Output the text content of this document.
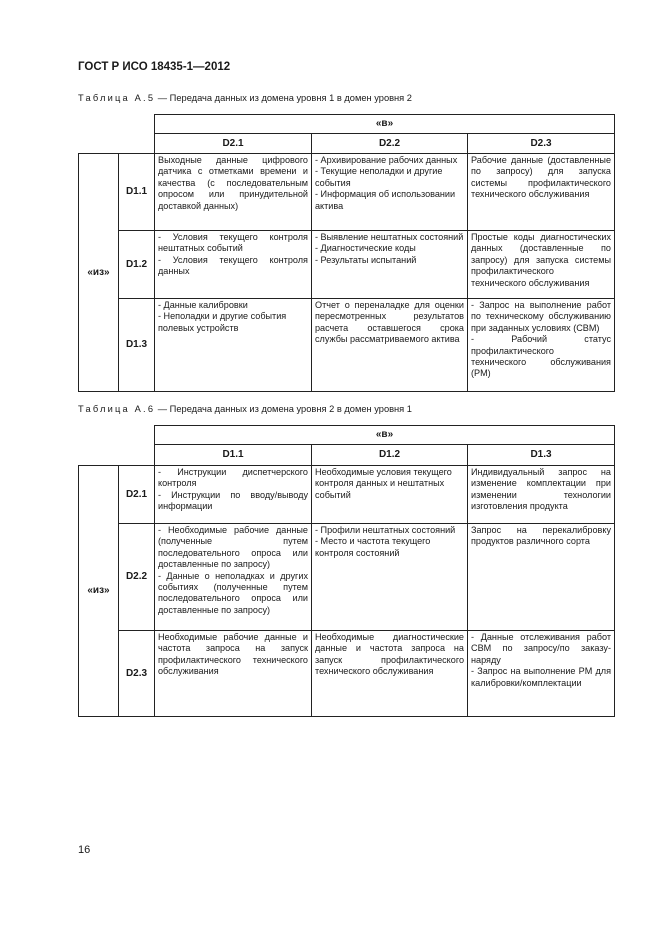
ГОСТ Р ИСО 18435-1—2012
Таблица А.5 — Передача данных из домена уровня 1 в домен уровня 2
		«в»		
		D2.1	D2.2	D2.3
«из»	D1.1	Выходные данные цифрового датчика с отметками времени и качества (с последовательным опросом или принудительной доставкой данных)	- Архивирование рабочих данных
- Текущие неполадки и другие события
- Информация об использовании актива	Рабочие данные (доставленные по запросу) для запуска системы профилактического технического обслуживания

	D1.2	- Условия текущего контроля нештатных событий
- Условия текущего контроля данных	- Выявление нештатных состояний
- Диагностические коды
- Результаты испытаний	Простые коды диагностических данных (доставленные по запросу) для запуска системы профилактического технического обслуживания

	D1.3	- Данные калибровки
- Неполадки и другие события полевых устройств	Отчет о переналадке для оценки пересмотренных результатов расчета оставшегося срока службы рассматриваемого актива	- Запрос на выполнение работ по техническому обслуживанию при заданных условиях (CBM)
- Рабочий статус профилактического технического обслуживания (PM)
Таблица А.6 — Передача данных из домена уровня 2 в домен уровня 1
		«в»		
		D1.1	D1.2	D1.3
«из»	D2.1	- Инструкции диспетчерского контроля
- Инструкции по вводу/выводу информации	Необходимые условия текущего контроля данных и нештатных событий	Индивидуальный запрос на изменение комплектации при изменении технологии изготовления продукта

	D2.2	- Необходимые рабочие данные (полученные путем последовательного опроса или доставленные по запросу)
- Данные о неполадках и других событиях (полученные путем последовательного опроса или доставленные по запросу)	- Профили нештатных состояний
- Место и частота текущего контроля состояний	Запрос на перекалибровку продуктов различного сорта

	D2.3	Необходимые рабочие данные и частота запроса на запуск профилактического технического обслуживания	Необходимые диагностические данные и частота запроса на запуск профилактического технического обслуживания	- Данные отслеживания работ CBM по запросу/по заказу-наряду
- Запрос на выполнение PM для калибровки/комплектации
16
